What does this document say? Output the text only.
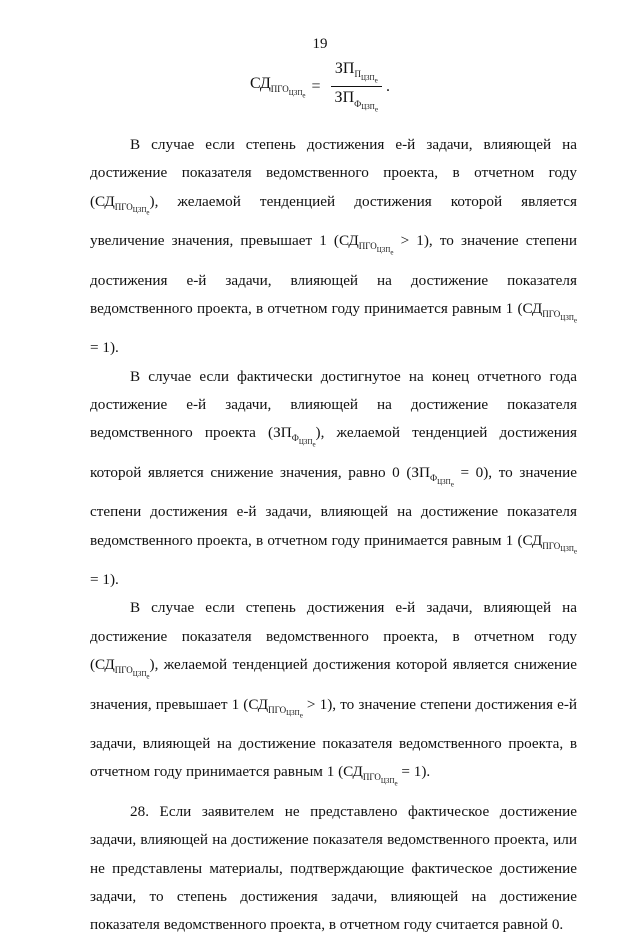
19
$СД_{ПГО_{ЦЗП_е}}$
= $\frac{ЗП_{П_{ЦЗП_е}}}{ЗП_{Ф_{ЦЗП_е}}}$ .

В случае если степень достижения е-й задачи, влияющей на достижение показателя ведомственного проекта, в отчетном году $(СД_{ПГО_{ЦЗП_е}})$, желаемой тенденцией достижения которой является увеличение значения, превышает 1 $(СД_{ПГО_{ЦЗП_е}} > 1)$, то значение степени достижения е-й задачи, влияющей на достижение показателя ведомственного проекта, в отчетном году принимается равным 1 $(СД_{ПГО_{ЦЗП_е}} = 1)$.

В случае если фактически достигнутое на конец отчетного года достижение е-й задачи, влияющей на достижение показателя ведомственного проекта $(ЗП_{Ф_{ЦЗП_е}})$, желаемой тенденцией достижения которой является снижение значения, равно 0 $(ЗП_{Ф_{ЦЗП_е}} = 0)$, то значение степени достижения е-й задачи, влияющей на достижение показателя ведомственного проекта, в отчетном году принимается равным 1 $(СД_{ПГО_{ЦЗП_е}} = 1)$.

В случае если степень достижения е-й задачи, влияющей на достижение показателя ведомственного проекта, в отчетном году $(СД_{ПГО_{ЦЗП_е}})$, желаемой тенденцией достижения которой является снижение значения, превышает 1 $(СД_{ПГО_{ЦЗП_е}} > 1)$, то значение степени достижения е-й задачи, влияющей на достижение показателя ведомственного проекта, в отчетном году принимается равным 1 $(СД_{ПГО_{ЦЗП_е}} = 1)$.

28. Если заявителем не представлено фактическое достижение задачи, влияющей на достижение показателя ведомственного проекта, или не представлены материалы, подтверждающие фактическое достижение задачи, то степень достижения задачи, влияющей на достижение показателя ведомственного проекта, в отчетном году считается равной 0.
